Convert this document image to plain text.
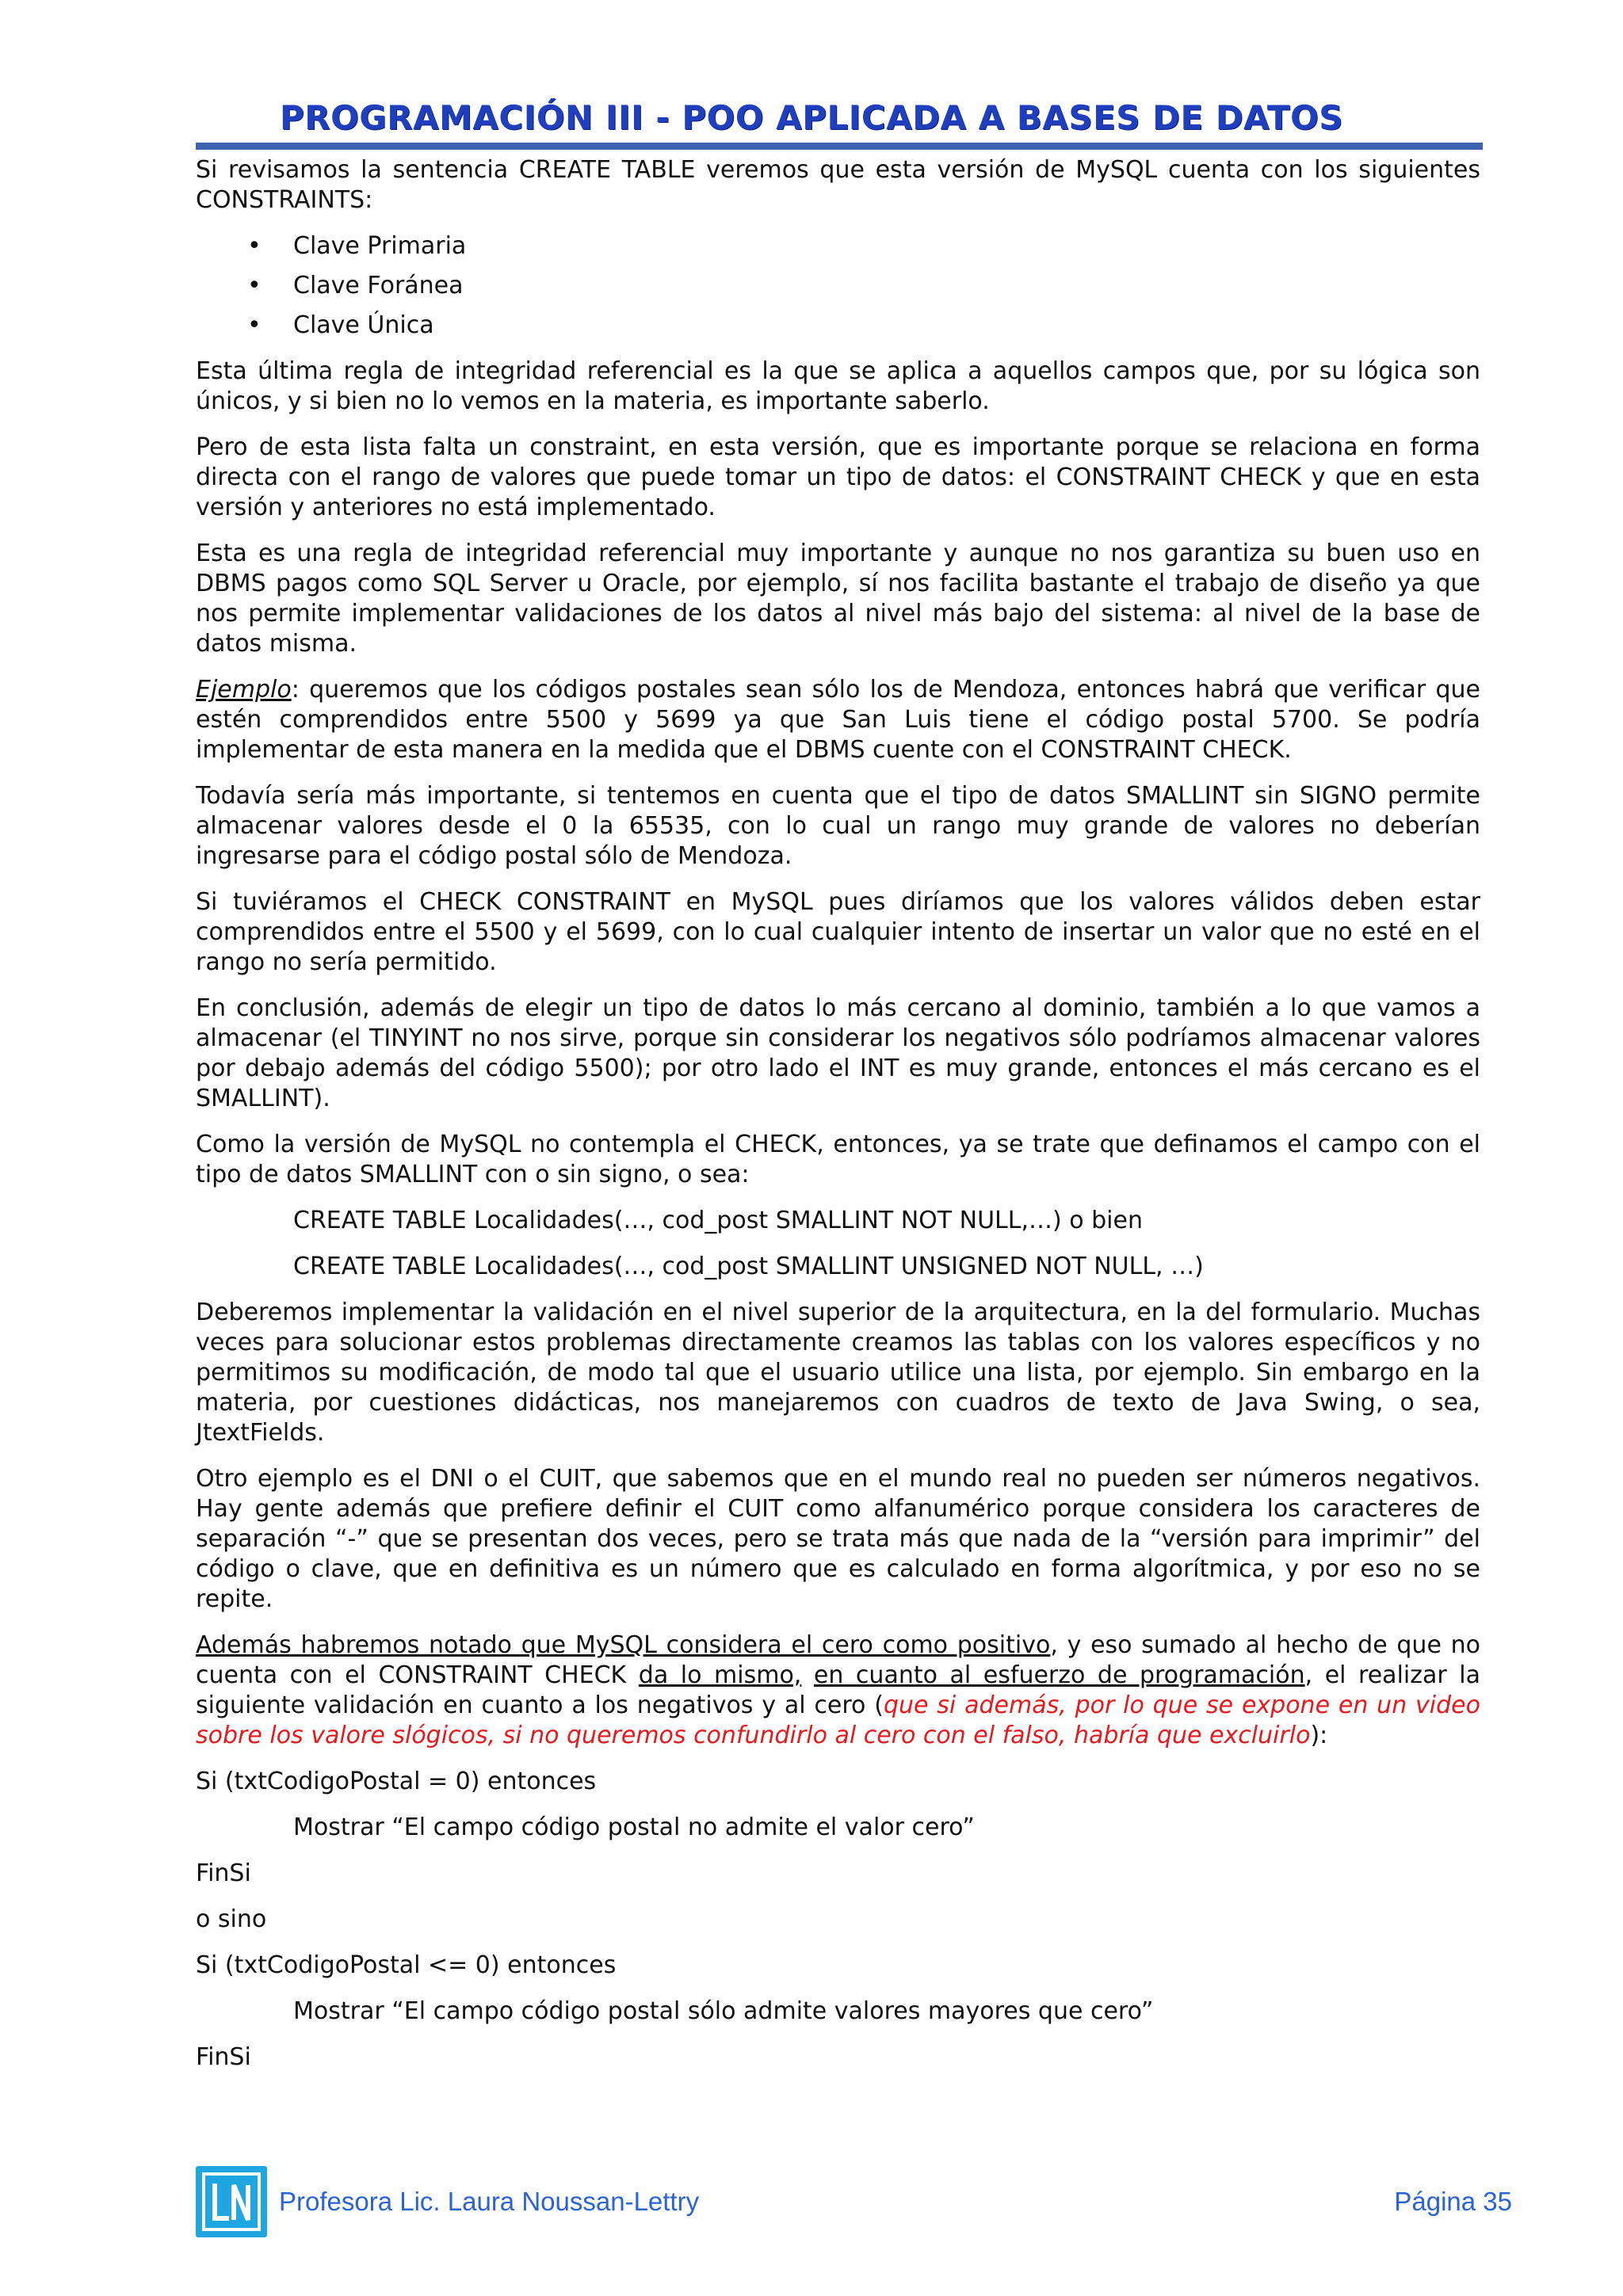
PROGRAMACIÓN III - POO APLICADA A BASES DE DATOS

Si revisamos la sentencia CREATE TABLE veremos que esta versión de MySQL cuenta con los siguientes CONSTRAINTS:

• Clave Primaria
• Clave Foránea
• Clave Única

Esta última regla de integridad referencial es la que se aplica a aquellos campos que, por su lógica son únicos, y si bien no lo vemos en la materia, es importante saberlo.

Pero de esta lista falta un constraint, en esta versión, que es importante porque se relaciona en forma directa con el rango de valores que puede tomar un tipo de datos: el CONSTRAINT CHECK y que en esta versión y anteriores no está implementado.

Esta es una regla de integridad referencial muy importante y aunque no nos garantiza su buen uso en DBMS pagos como SQL Server u Oracle, por ejemplo, sí nos facilita bastante el trabajo de diseño ya que nos permite implementar validaciones de los datos al nivel más bajo del sistema: al nivel de la base de datos misma.

Ejemplo: queremos que los códigos postales sean sólo los de Mendoza, entonces habrá que verificar que estén comprendidos entre 5500 y 5699 ya que San Luis tiene el código postal 5700. Se podría implementar de esta manera en la medida que el DBMS cuente con el CONSTRAINT CHECK.

Todavía sería más importante, si tentemos en cuenta que el tipo de datos SMALLINT sin SIGNO permite almacenar valores desde el 0 la 65535, con lo cual un rango muy grande de valores no deberían ingresarse para el código postal sólo de Mendoza.

Si tuviéramos el CHECK CONSTRAINT en MySQL pues diríamos que los valores válidos deben estar comprendidos entre el 5500 y el 5699, con lo cual cualquier intento de insertar un valor que no esté en el rango no sería permitido.

En conclusión, además de elegir un tipo de datos lo más cercano al dominio, también a lo que vamos a almacenar (el TINYINT no nos sirve, porque sin considerar los negativos sólo podríamos almacenar valores por debajo además del código 5500); por otro lado el INT es muy grande, entonces el más cercano es el SMALLINT).

Como la versión de MySQL no contempla el CHECK, entonces, ya se trate que definamos el campo con el tipo de datos SMALLINT con o sin signo, o sea:

CREATE TABLE Localidades(…, cod_post SMALLINT NOT NULL,…) o bien
CREATE TABLE Localidades(…, cod_post SMALLINT UNSIGNED NOT NULL, …)

Deberemos implementar la validación en el nivel superior de la arquitectura, en la del formulario. Muchas veces para solucionar estos problemas directamente creamos las tablas con los valores específicos y no permitimos su modificación, de modo tal que el usuario utilice una lista, por ejemplo. Sin embargo en la materia, por cuestiones didácticas, nos manejaremos con cuadros de texto de Java Swing, o sea, JtextFields.

Otro ejemplo es el DNI o el CUIT, que sabemos que en el mundo real no pueden ser números negativos. Hay gente además que prefiere definir el CUIT como alfanumérico porque considera los caracteres de separación “-” que se presentan dos veces, pero se trata más que nada de la “versión para imprimir” del código o clave, que en definitiva es un número que es calculado en forma algorítmica, y por eso no se repite.

Además habremos notado que MySQL considera el cero como positivo, y eso sumado al hecho de que no cuenta con el CONSTRAINT CHECK da lo mismo, en cuanto al esfuerzo de programación, el realizar la siguiente validación en cuanto a los negativos y al cero (que si además, por lo que se expone en un video sobre los valore slógicos, si no queremos confundirlo al cero con el falso, habría que excluirlo):

Si (txtCodigoPostal = 0) entonces
Mostrar “El campo código postal no admite el valor cero”
FinSi
o sino
Si (txtCodigoPostal <= 0) entonces
Mostrar “El campo código postal sólo admite valores mayores que cero”
FinSi
Profesora Lic. Laura Noussan-Lettry	Página 35
